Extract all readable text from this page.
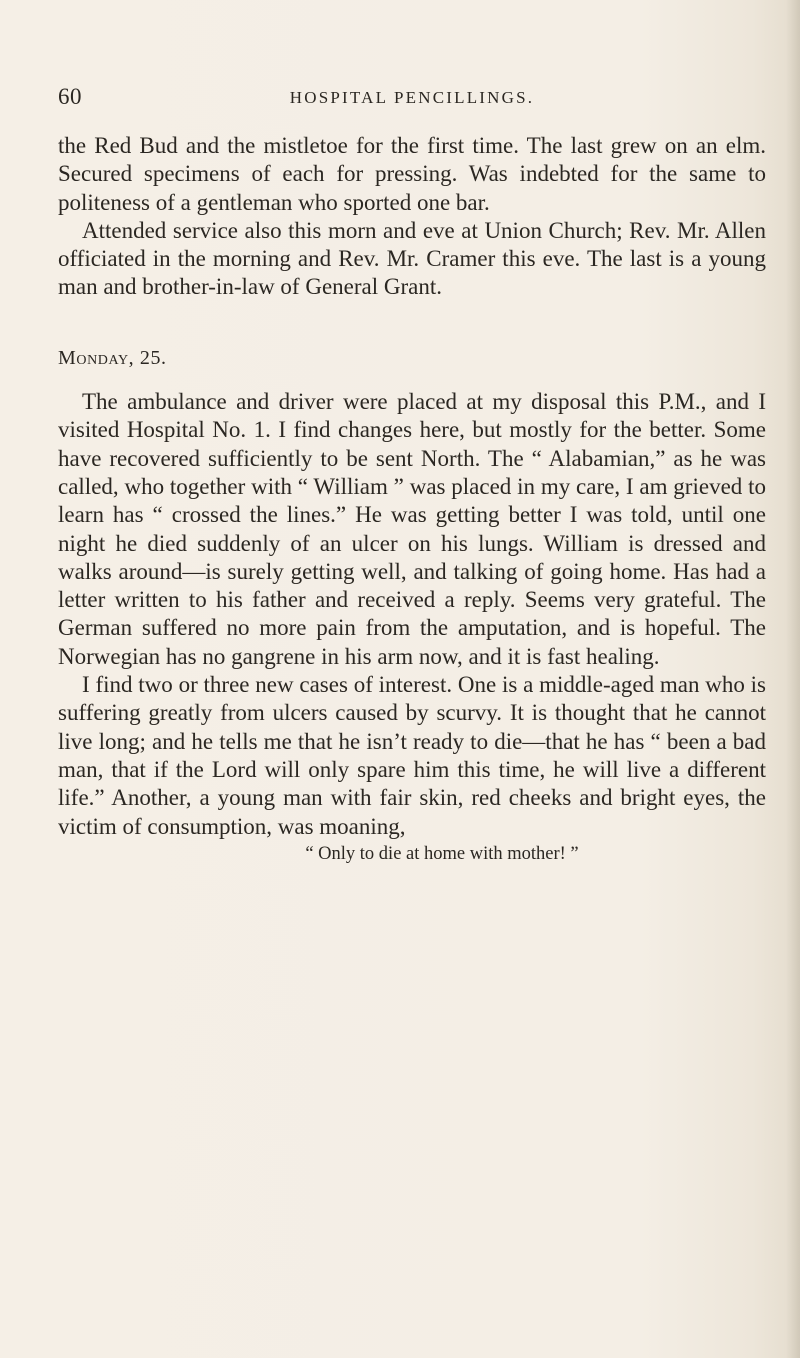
60	HOSPITAL PENCILLINGS.

the Red Bud and the mistletoe for the first time. The last grew on an elm. Secured specimens of each for pressing. Was indebted for the same to politeness of a gentleman who sported one bar.

Attended service also this morn and eve at Union Church; Rev. Mr. Allen officiated in the morning and Rev. Mr. Cramer this eve. The last is a young man and brother-in-law of General Grant.

Monday, 25.

The ambulance and driver were placed at my disposal this P.M., and I visited Hospital No. 1. I find changes here, but mostly for the better. Some have recovered sufficiently to be sent North. The “ Alabamian,” as he was called, who together with “ William ” was placed in my care, I am grieved to learn has “ crossed the lines.” He was getting better I was told, until one night he died suddenly of an ulcer on his lungs. William is dressed and walks around—is surely getting well, and talking of going home. Has had a letter written to his father and received a reply. Seems very grateful. The German suffered no more pain from the amputation, and is hopeful. The Norwegian has no gangrene in his arm now, and it is fast healing.

I find two or three new cases of interest. One is a middle-aged man who is suffering greatly from ulcers caused by scurvy. It is thought that he cannot live long; and he tells me that he isn’t ready to die—that he has “ been a bad man, that if the Lord will only spare him this time, he will live a different life.” Another, a young man with fair skin, red cheeks and bright eyes, the victim of consumption, was moaning,

“ Only to die at home with mother! ”
